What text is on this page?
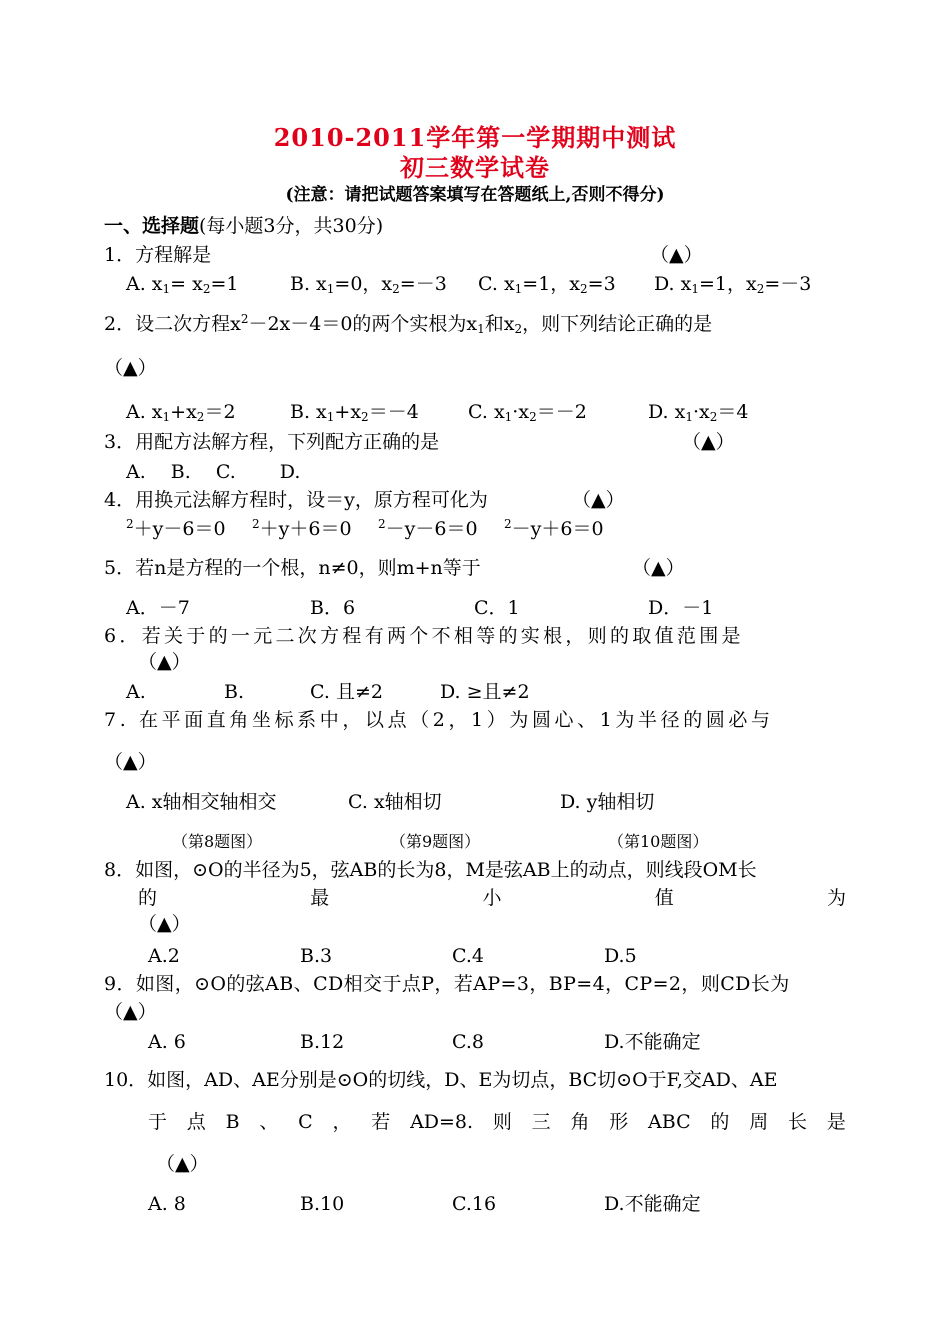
2010-2011学年第一学期期中测试
初三数学试卷
(注意：请把试题答案填写在答题纸上,否则不得分)
一、选择题(每小题3分，共30分)
1．方程解是	（▲）
A. $x_1= x_2=1$	B. $x_1=0$，$x_2=-3$ C. $x_1=1$，$x_2=3$ D. $x_1=1$，$x_2=-3$
2．设二次方程$x^2-2x-4=0$的两个实根为$x_1$和$x_2$，则下列结论正确的是
（▲）
A. $x_1+x_2=2$	B. $x_1+x_2=-4$	C. $x_1\cdot x_2=-2$	D. $x_1\cdot x_2=4$
3．用配方法解方程，下列配方正确的是	（▲）
A.　 B.　 C.　　 D.
4．用换元法解方程时，设＝y，原方程可化为	（▲）
$^2$＋y－6＝0 $^2$＋y＋6＝0 $^2$－y－6＝0 $^2$－y＋6＝0
5．若n是方程的一个根，n≠0，则m+n等于	（▲）
A．－7	B．6	C．1	D．－1
6．若关于的一元二次方程有两个不相等的实根，则的取值范围是
（▲）
A.	B.	C. 且≠2	D. ≥且≠2
7. 在平面直角坐标系中，以点（2，1）为圆心、1为半径的圆必与
（▲）
A. x轴相交轴相交	C. x轴相切	D. y轴相切
（第8题图）	（第9题图）	（第10题图）
8．如图，⊙O的半径为5，弦AB的长为8，M是弦AB上的动点，则线段OM长
的	最	小	值	为
（▲）
A.2	B.3	C.4	D.5
9．如图，⊙O的弦AB、CD相交于点P，若AP=3，BP=4，CP=2，则CD长为
（▲）
A. 6	B.12	C.8	D.不能确定
10．如图，AD、AE分别是⊙O的切线，D、E为切点，BC切⊙O于F,交AD、AE
于 点 B 、 C ， 若 AD=8. 则 三 角 形 ABC 的 周 长 是
（▲）
A. 8	B.10	C.16	D.不能确定
